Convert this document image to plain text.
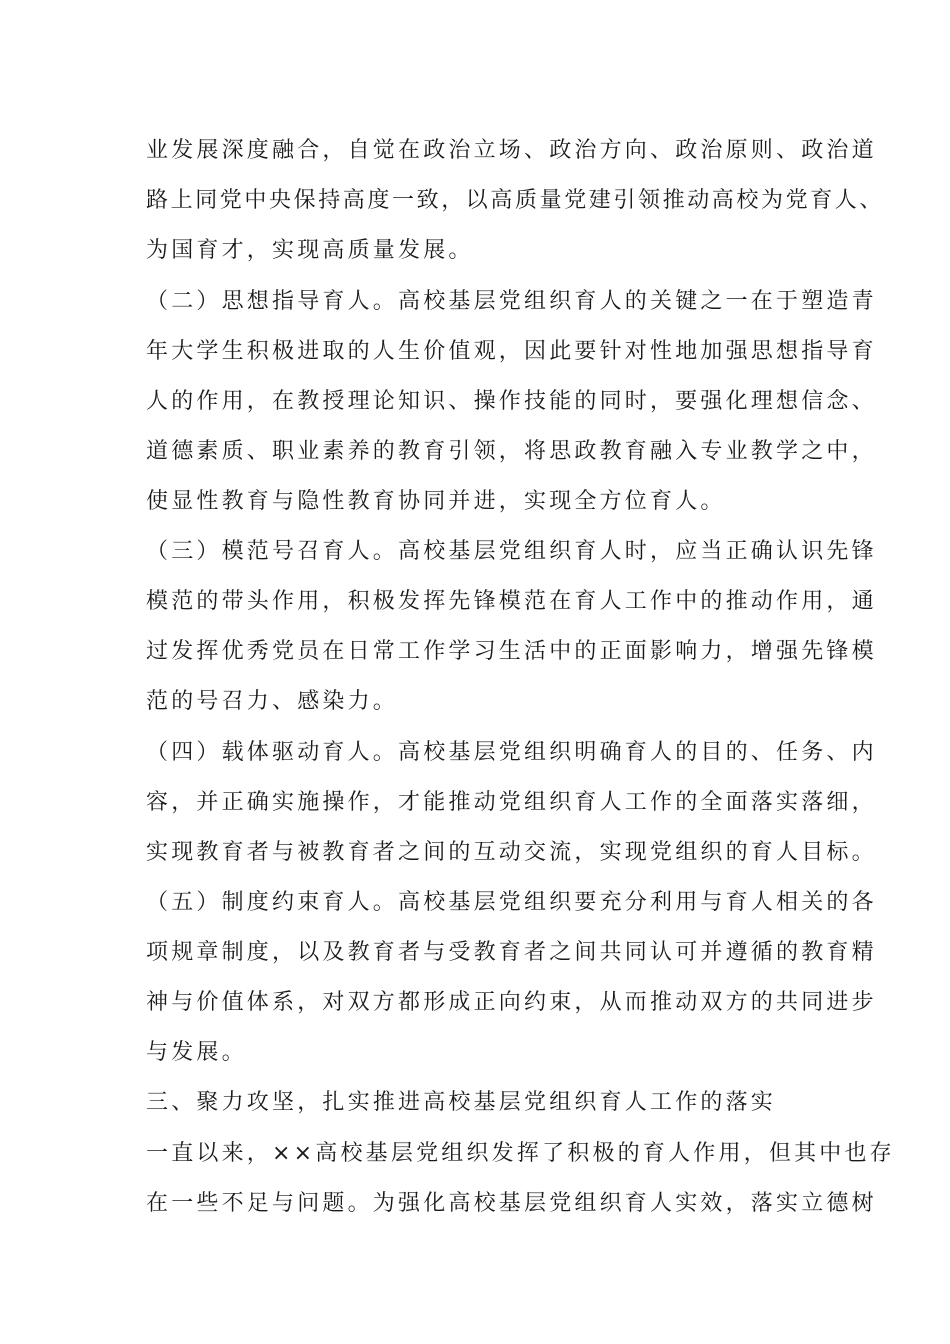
业发展深度融合，自觉在政治立场、政治方向、政治原则、政治道
路上同党中央保持高度一致，以高质量党建引领推动高校为党育人、
为国育才，实现高质量发展。
（二）思想指导育人。高校基层党组织育人的关键之一在于塑造青
年大学生积极进取的人生价值观，因此要针对性地加强思想指导育
人的作用，在教授理论知识、操作技能的同时，要强化理想信念、
道德素质、职业素养的教育引领，将思政教育融入专业教学之中，
使显性教育与隐性教育协同并进，实现全方位育人。
（三）模范号召育人。高校基层党组织育人时，应当正确认识先锋
模范的带头作用，积极发挥先锋模范在育人工作中的推动作用，通
过发挥优秀党员在日常工作学习生活中的正面影响力，增强先锋模
范的号召力、感染力。
（四）载体驱动育人。高校基层党组织明确育人的目的、任务、内
容，并正确实施操作，才能推动党组织育人工作的全面落实落细，
实现教育者与被教育者之间的互动交流，实现党组织的育人目标。
（五）制度约束育人。高校基层党组织要充分利用与育人相关的各
项规章制度，以及教育者与受教育者之间共同认可并遵循的教育精
神与价值体系，对双方都形成正向约束，从而推动双方的共同进步
与发展。
三、聚力攻坚，扎实推进高校基层党组织育人工作的落实
一直以来，××高校基层党组织发挥了积极的育人作用，但其中也存
在一些不足与问题。为强化高校基层党组织育人实效，落实立德树
